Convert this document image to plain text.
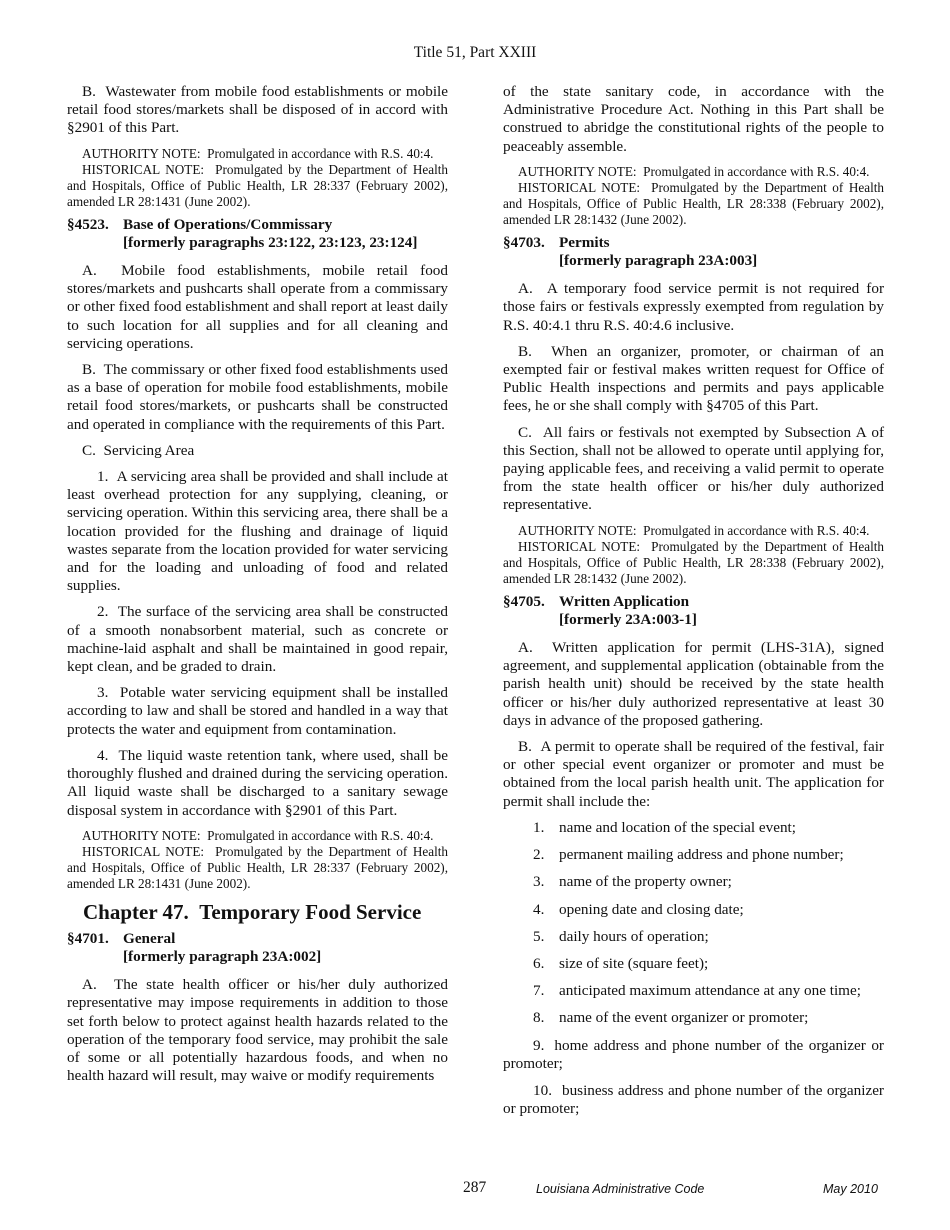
Title 51, Part XXIII

B.  Wastewater from mobile food establishments or mobile retail food stores/markets shall be disposed of in accord with §2901 of this Part.

AUTHORITY NOTE:  Promulgated in accordance with R.S. 40:4.

HISTORICAL NOTE:  Promulgated by the Department of Health and Hospitals, Office of Public Health, LR 28:337 (February 2002), amended LR 28:1431 (June 2002).

§4523. Base of Operations/Commissary
[formerly paragraphs 23:122, 23:123, 23:124]

A.  Mobile food establishments, mobile retail food stores/markets and pushcarts shall operate from a commissary or other fixed food establishment and shall report at least daily to such location for all supplies and for all cleaning and servicing operations.

B.  The commissary or other fixed food establishments used as a base of operation for mobile food establishments, mobile retail food stores/markets, or pushcarts shall be constructed and operated in compliance with the requirements of this Part.

C.  Servicing Area

1.  A servicing area shall be provided and shall include at least overhead protection for any supplying, cleaning, or servicing operation. Within this servicing area, there shall be a location provided for the flushing and drainage of liquid wastes separate from the location provided for water servicing and for the loading and unloading of food and related supplies.

2.  The surface of the servicing area shall be constructed of a smooth nonabsorbent material, such as concrete or machine-laid asphalt and shall be maintained in good repair, kept clean, and be graded to drain.

3.  Potable water servicing equipment shall be installed according to law and shall be stored and handled in a way that protects the water and equipment from contamination.

4.  The liquid waste retention tank, where used, shall be thoroughly flushed and drained during the servicing operation. All liquid waste shall be discharged to a sanitary sewage disposal system in accordance with §2901 of this Part.

AUTHORITY NOTE:  Promulgated in accordance with R.S. 40:4.

HISTORICAL NOTE:  Promulgated by the Department of Health and Hospitals, Office of Public Health, LR 28:337 (February 2002), amended LR 28:1431 (June 2002).

Chapter 47.  Temporary Food Service
§4701. General
[formerly paragraph 23A:002]

A.  The state health officer or his/her duly authorized representative may impose requirements in addition to those set forth below to protect against health hazards related to the operation of the temporary food service, may prohibit the sale of some or all potentially hazardous foods, and when no health hazard will result, may waive or modify requirements

of the state sanitary code, in accordance with the Administrative Procedure Act. Nothing in this Part shall be construed to abridge the constitutional rights of the people to peaceably assemble.

AUTHORITY NOTE:  Promulgated in accordance with R.S. 40:4.

HISTORICAL NOTE:  Promulgated by the Department of Health and Hospitals, Office of Public Health, LR 28:338 (February 2002), amended LR 28:1432 (June 2002).

§4703. Permits
[formerly paragraph 23A:003]

A.  A temporary food service permit is not required for those fairs or festivals expressly exempted from regulation by R.S. 40:4.1 thru R.S. 40:4.6 inclusive.

B.  When an organizer, promoter, or chairman of an exempted fair or festival makes written request for Office of Public Health inspections and permits and pays applicable fees, he or she shall comply with §4705 of this Part.

C.  All fairs or festivals not exempted by Subsection A of this Section, shall not be allowed to operate until applying for, paying applicable fees, and receiving a valid permit to operate from the state health officer or his/her duly authorized representative.

AUTHORITY NOTE:  Promulgated in accordance with R.S. 40:4.

HISTORICAL NOTE:  Promulgated by the Department of Health and Hospitals, Office of Public Health, LR 28:338 (February 2002), amended LR 28:1432 (June 2002).

§4705. Written Application
[formerly 23A:003-1]

A.  Written application for permit (LHS-31A), signed agreement, and supplemental application (obtainable from the parish health unit) should be received by the state health officer or his/her duly authorized representative at least 30 days in advance of the proposed gathering.

B.  A permit to operate shall be required of the festival, fair or other special event organizer or promoter and must be obtained from the local parish health unit. The application for permit shall include the:

1. name and location of the special event;
2. permanent mailing address and phone number;
3. name of the property owner;
4. opening date and closing date;
5. daily hours of operation;
6. size of site (square feet);
7. anticipated maximum attendance at any one time;
8. name of the event organizer or promoter;
9. home address and phone number of the organizer or promoter;
10. business address and phone number of the organizer or promoter;
287	Louisiana Administrative Code	May 2010
